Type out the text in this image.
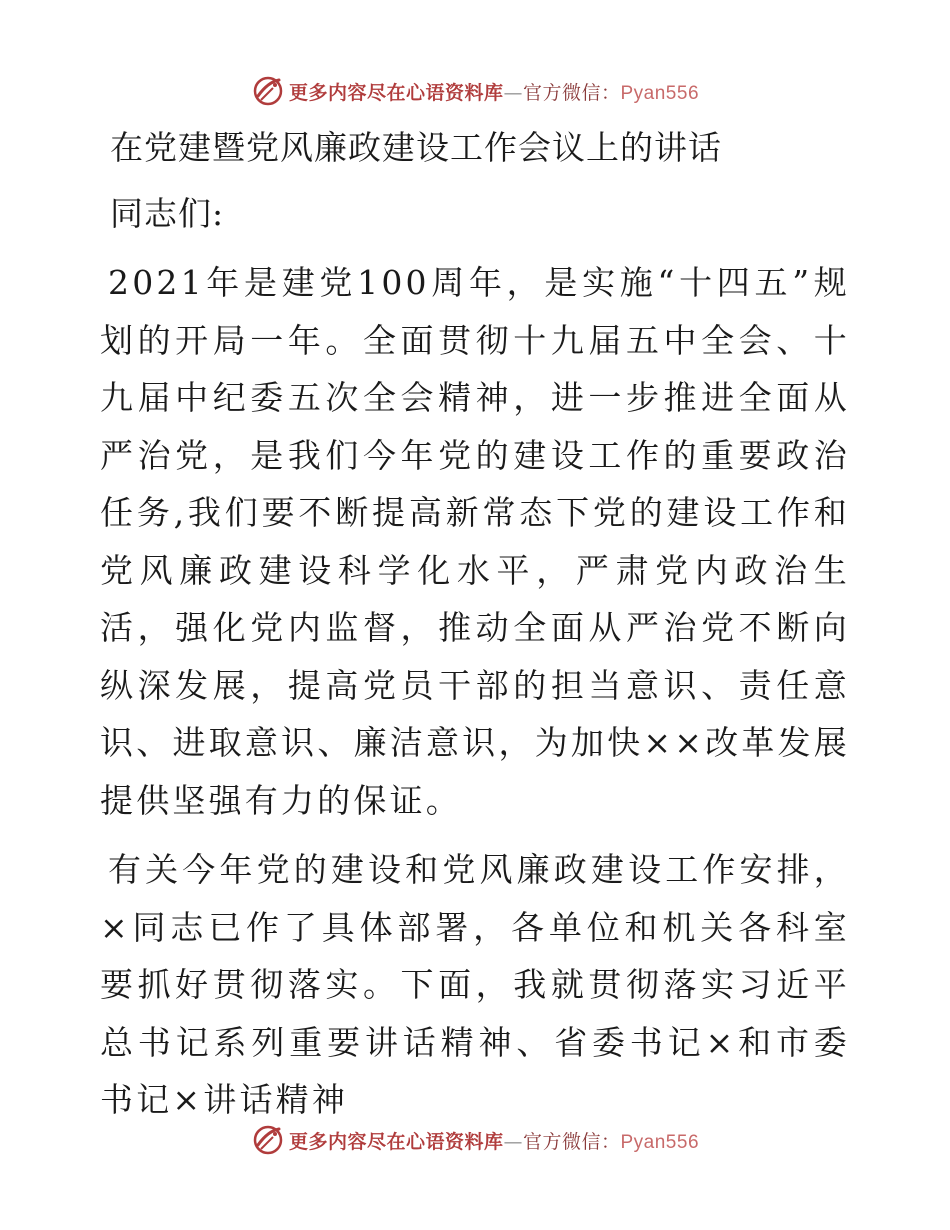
更多内容尽在心语资料库—官方微信：Pyan556
在党建暨党风廉政建设工作会议上的讲话

同志们:

2021年是建党100周年，是实施“十四五”规划的开局一年。全面贯彻十九届五中全会、十九届中纪委五次全会精神，进一步推进全面从严治党，是我们今年党的建设工作的重要政治任务,我们要不断提高新常态下党的建设工作和党风廉政建设科学化水平，严肃党内政治生活，强化党内监督，推动全面从严治党不断向纵深发展，提高党员干部的担当意识、责任意识、进取意识、廉洁意识，为加快××改革发展提供坚强有力的保证。

有关今年党的建设和党风廉政建设工作安排，×同志已作了具体部署，各单位和机关各科室要抓好贯彻落实。下面，我就贯彻落实习近平总书记系列重要讲话精神、省委书记×和市委书记×讲话精神

更多内容尽在心语资料库—官方微信：Pyan556
